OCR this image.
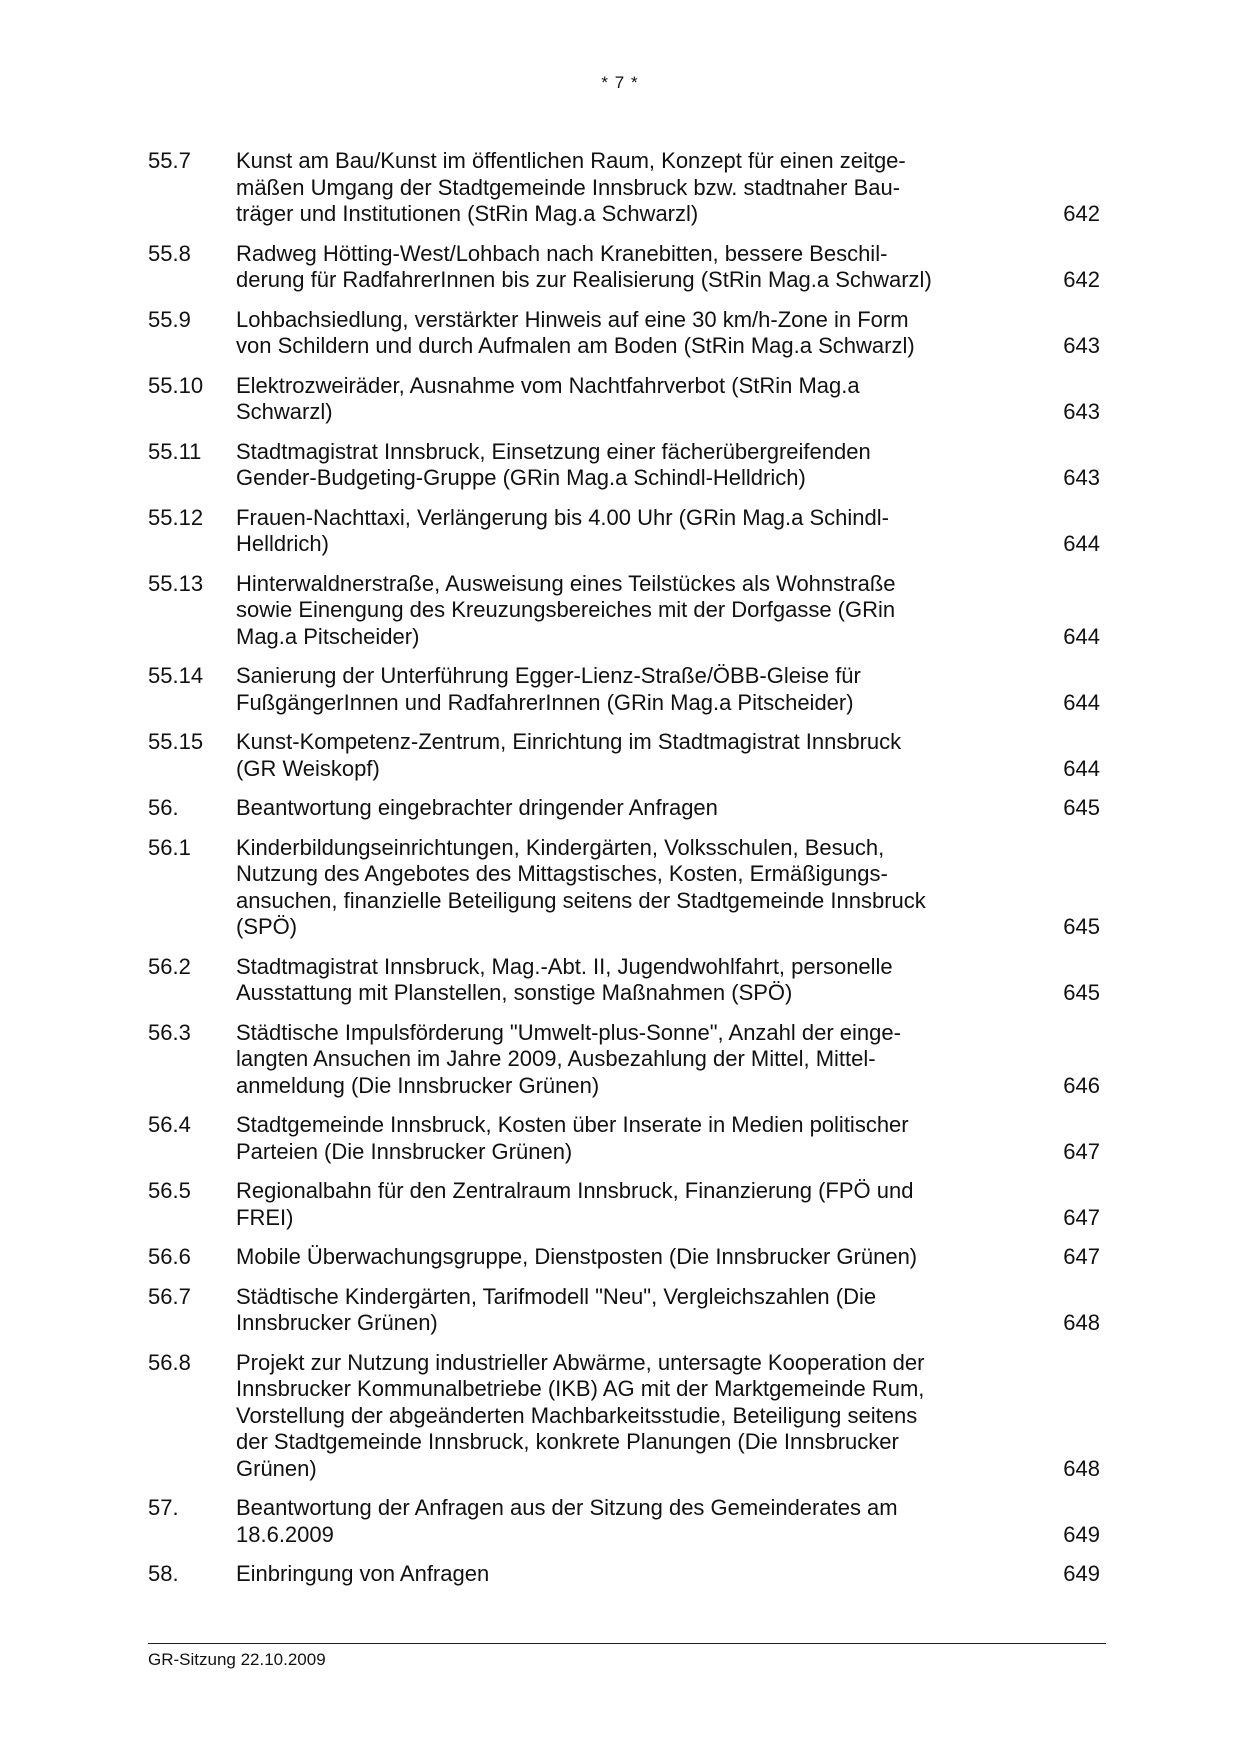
* 7 *
55.7	Kunst am Bau/Kunst im öffentlichen Raum, Konzept für einen zeitge-
mäßen Umgang der Stadtgemeinde Innsbruck bzw. stadtnaher Bau-
träger und Institutionen (StRin Mag.a Schwarzl)	642
55.8	Radweg Hötting-West/Lohbach nach Kranebitten, bessere Beschil-
derung für RadfahrerInnen bis zur Realisierung (StRin Mag.a Schwarzl)	642
55.9	Lohbachsiedlung, verstärkter Hinweis auf eine 30 km/h-Zone in Form
von Schildern und durch Aufmalen am Boden (StRin Mag.a Schwarzl)	643
55.10	Elektrozweiräder, Ausnahme vom Nachtfahrverbot (StRin Mag.a
Schwarzl)	643
55.11	Stadtmagistrat Innsbruck, Einsetzung einer fächerübergreifenden
Gender-Budgeting-Gruppe (GRin Mag.a Schindl-Helldrich)	643
55.12	Frauen-Nachttaxi, Verlängerung bis 4.00 Uhr (GRin Mag.a Schindl-
Helldrich)	644
55.13	Hinterwaldnerstraße, Ausweisung eines Teilstückes als Wohnstraße
sowie Einengung des Kreuzungsbereiches mit der Dorfgasse (GRin
Mag.a Pitscheider)	644
55.14	Sanierung der Unterführung Egger-Lienz-Straße/ÖBB-Gleise für
FußgängerInnen und RadfahrerInnen (GRin Mag.a Pitscheider)	644
55.15	Kunst-Kompetenz-Zentrum, Einrichtung im Stadtmagistrat Innsbruck
(GR Weiskopf)	644
56.	Beantwortung eingebrachter dringender Anfragen	645
56.1	Kinderbildungseinrichtungen, Kindergärten, Volksschulen, Besuch,
Nutzung des Angebotes des Mittagstisches, Kosten, Ermäßigungs-
ansuchen, finanzielle Beteiligung seitens der Stadtgemeinde Innsbruck
(SPÖ)	645
56.2	Stadtmagistrat Innsbruck, Mag.-Abt. II, Jugendwohlfahrt, personelle
Ausstattung mit Planstellen, sonstige Maßnahmen (SPÖ)	645
56.3	Städtische Impulsförderung "Umwelt-plus-Sonne", Anzahl der einge-
langten Ansuchen im Jahre 2009, Ausbezahlung der Mittel, Mittel-
anmeldung (Die Innsbrucker Grünen)	646
56.4	Stadtgemeinde Innsbruck, Kosten über Inserate in Medien politischer
Parteien (Die Innsbrucker Grünen)	647
56.5	Regionalbahn für den Zentralraum Innsbruck, Finanzierung (FPÖ und
FREI)	647
56.6	Mobile Überwachungsgruppe, Dienstposten (Die Innsbrucker Grünen)	647
56.7	Städtische Kindergärten, Tarifmodell "Neu", Vergleichszahlen (Die
Innsbrucker Grünen)	648
56.8	Projekt zur Nutzung industrieller Abwärme, untersagte Kooperation der
Innsbrucker Kommunalbetriebe (IKB) AG mit der Marktgemeinde Rum,
Vorstellung der abgeänderten Machbarkeitsstudie, Beteiligung seitens
der Stadtgemeinde Innsbruck, konkrete Planungen (Die Innsbrucker
Grünen)	648
57.	Beantwortung der Anfragen aus der Sitzung des Gemeinderates am
18.6.2009	649
58.	Einbringung von Anfragen	649
GR-Sitzung 22.10.2009
